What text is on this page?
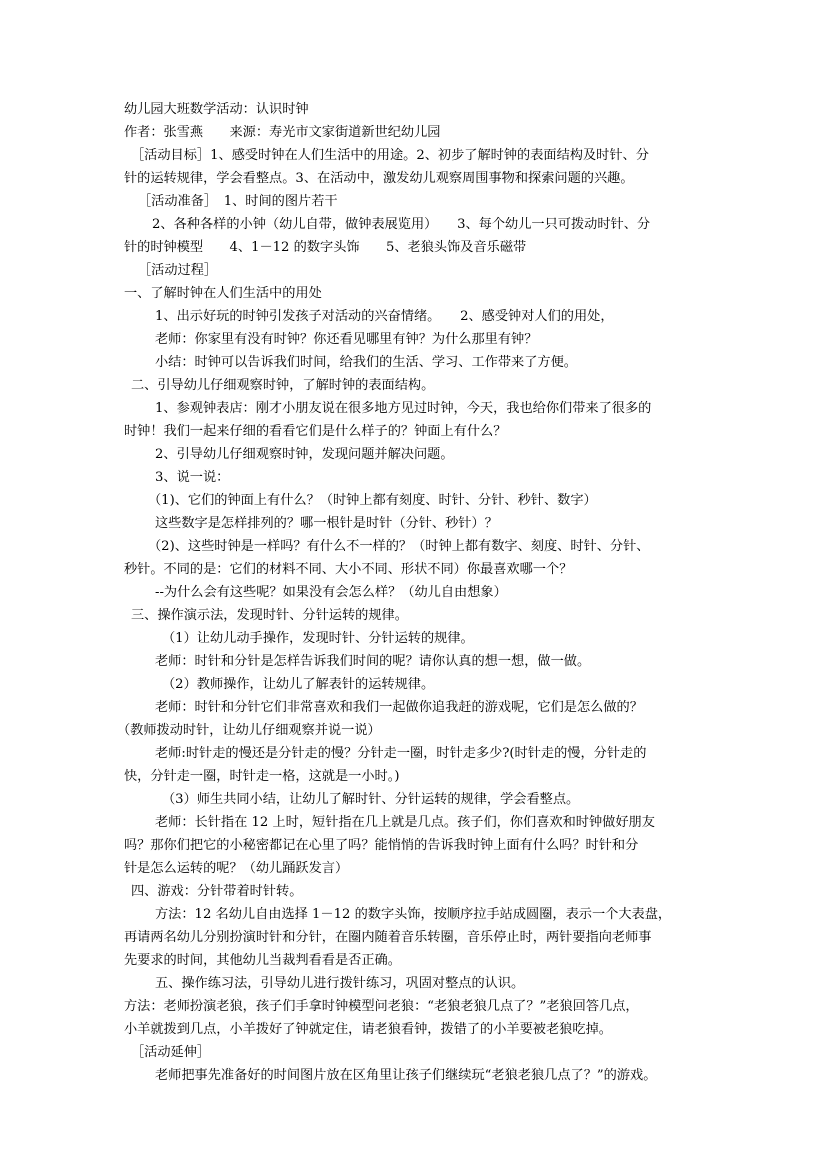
幼儿园大班数学活动：认识时钟
作者：张雪燕　　来源：寿光市文家街道新世纪幼儿园
［活动目标］1、感受时钟在人们生活中的用途。2、初步了解时钟的表面结构及时针、分
针的运转规律，学会看整点。3、在活动中，激发幼儿观察周围事物和探索问题的兴趣。
［活动准备］　1、时间的图片若干
2、各种各样的小钟（幼儿自带，做钟表展览用）　　3、每个幼儿一只可拨动时针、分
针的时钟模型　　4、1－12 的数字头饰　　5、老狼头饰及音乐磁带
［活动过程］
一、了解时钟在人们生活中的用处
1、出示好玩的时钟引发孩子对活动的兴奋情绪。　　2、感受钟对人们的用处，
老师：你家里有没有时钟？你还看见哪里有钟？为什么那里有钟？
小结：时钟可以告诉我们时间，给我们的生活、学习、工作带来了方便。
二、引导幼儿仔细观察时钟，了解时钟的表面结构。
1、参观钟表店：刚才小朋友说在很多地方见过时钟，今天，我也给你们带来了很多的
时钟！我们一起来仔细的看看它们是什么样子的？钟面上有什么？
2、引导幼儿仔细观察时钟，发现问题并解决问题。
3、说一说：
（1)、它们的钟面上有什么？（时钟上都有刻度、时针、分针、秒针、数字）
这些数字是怎样排列的？哪一根针是时针（分针、秒针）？
（2)、这些时钟是一样吗？有什么不一样的？（时钟上都有数字、刻度、时针、分针、
秒针。不同的是：它们的材料不同、大小不同、形状不同）你最喜欢哪一个？
--为什么会有这些呢？如果没有会怎么样？（幼儿自由想象）
三、操作演示法，发现时针、分针运转的规律。
（1）让幼儿动手操作，发现时针、分针运转的规律。
老师：时针和分针是怎样告诉我们时间的呢？请你认真的想一想，做一做。
（2）教师操作，让幼儿了解表针的运转规律。
老师：时针和分针它们非常喜欢和我们一起做你追我赶的游戏呢，它们是怎么做的？
（教师拨动时针，让幼儿仔细观察并说一说）
老师:时针走的慢还是分针走的慢？分针走一圈，时针走多少?(时针走的慢，分针走的
快，分针走一圈，时针走一格，这就是一小时。)
（3）师生共同小结，让幼儿了解时针、分针运转的规律，学会看整点。
老师：长针指在 12 上时，短针指在几上就是几点。孩子们，你们喜欢和时钟做好朋友
吗？那你们把它的小秘密都记在心里了吗？能悄悄的告诉我时钟上面有什么吗？时针和分
针是怎么运转的呢？（幼儿踊跃发言）
四、游戏：分针带着时针转。
方法：12 名幼儿自由选择 1－12 的数字头饰，按顺序拉手站成圆圈，表示一个大表盘，
再请两名幼儿分别扮演时针和分针，在圈内随着音乐转圈，音乐停止时，两针要指向老师事
先要求的时间，其他幼儿当裁判看看是否正确。
五、操作练习法，引导幼儿进行拨针练习，巩固对整点的认识。
方法：老师扮演老狼，孩子们手拿时钟模型问老狼：“老狼老狼几点了？”老狼回答几点，
小羊就拨到几点，小羊拨好了钟就定住，请老狼看钟，拨错了的小羊要被老狼吃掉。
［活动延伸］
老师把事先准备好的时间图片放在区角里让孩子们继续玩“老狼老狼几点了？”的游戏。
